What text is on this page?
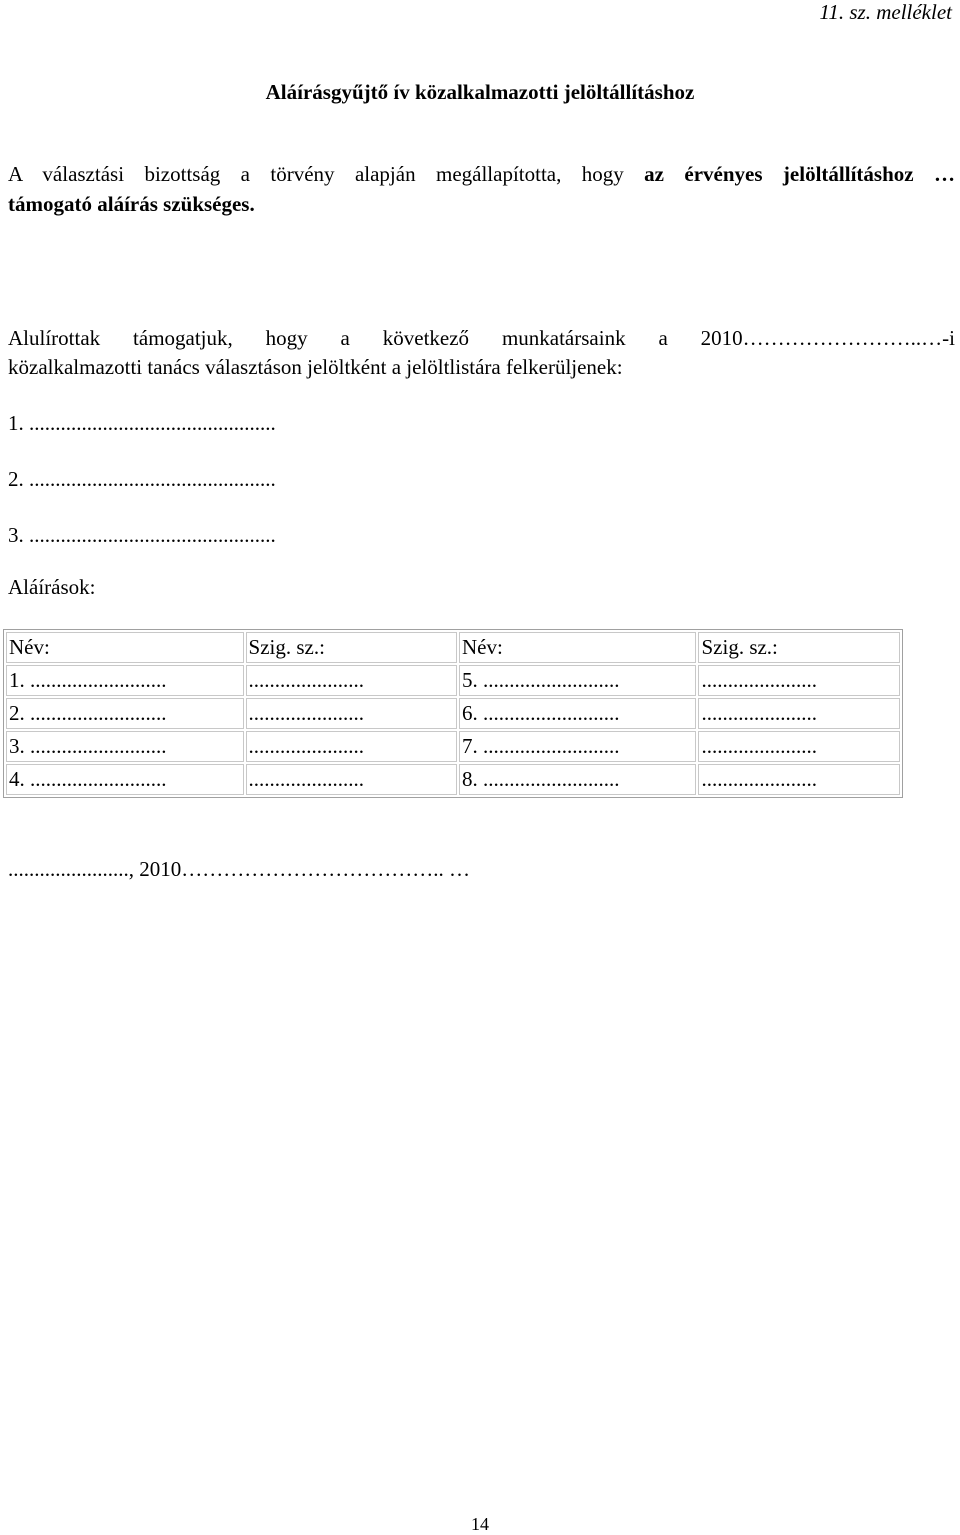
11. sz. melléklet
Aláírásgyűjtő ív közalkalmazotti jelöltállításhoz
A választási bizottság a törvény alapján megállapította, hogy az érvényes jelöltállításhoz …
támogató aláírás szükséges.
Alulírottak támogatjuk, hogy a következő munkatársaink a 2010……………………..…-i
közalkalmazotti tanács választáson jelöltként a jelöltlistára felkerüljenek:
1. ...............................................
2. ...............................................
3. ...............................................
Aláírások:
Név:	Szig. sz.:	Név:	Szig. sz.:
1. ..........................	......................	5. ..........................	......................
2. ..........................	......................	6. ..........................	......................
3. ..........................	......................	7. ..........................	......................
4. ..........................	......................	8. ..........................	......................
......................., 2010……………………………….. …
14
